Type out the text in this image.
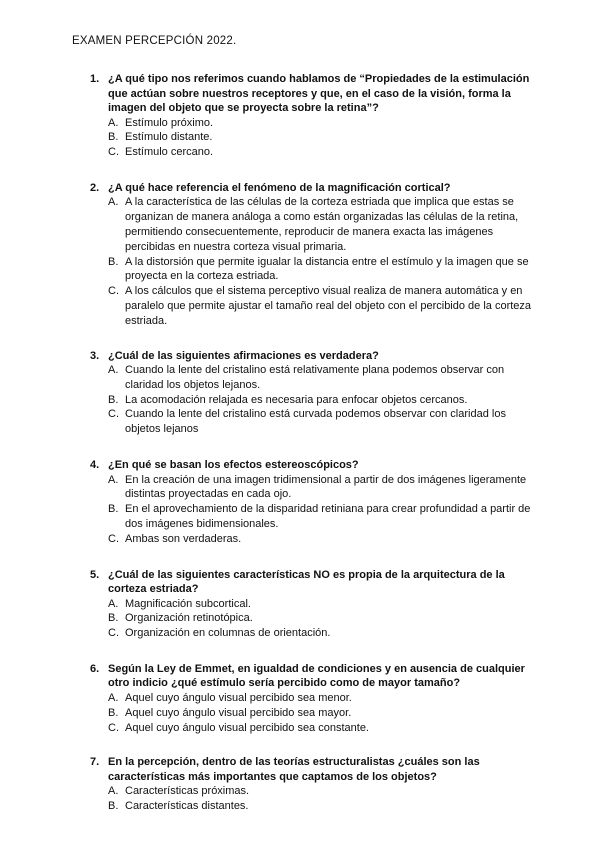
EXAMEN PERCEPCIÓN 2022.
1. ¿A qué tipo nos referimos cuando hablamos de “Propiedades de la estimulación que actúan sobre nuestros receptores y que, en el caso de la visión, forma la imagen del objeto que se proyecta sobre la retina”?
A. Estímulo próximo.
B. Estímulo distante.
C. Estímulo cercano.
2. ¿A qué hace referencia el fenómeno de la magnificación cortical?
A. A la característica de las células de la corteza estriada que implica que estas se organizan de manera análoga a como están organizadas las células de la retina, permitiendo consecuentemente, reproducir de manera exacta las imágenes percibidas en nuestra corteza visual primaria.
B. A la distorsión que permite igualar la distancia entre el estímulo y la imagen que se proyecta en la corteza estriada.
C. A los cálculos que el sistema perceptivo visual realiza de manera automática y en paralelo que permite ajustar el tamaño real del objeto con el percibido de la corteza estriada.
3. ¿Cuál de las siguientes afirmaciones es verdadera?
A. Cuando la lente del cristalino está relativamente plana podemos observar con claridad los objetos lejanos.
B. La acomodación relajada es necesaria para enfocar objetos cercanos.
C. Cuando la lente del cristalino está curvada podemos observar con claridad los objetos lejanos
4. ¿En qué se basan los efectos estereoscópicos?
A. En la creación de una imagen tridimensional a partir de dos imágenes ligeramente distintas proyectadas en cada ojo.
B. En el aprovechamiento de la disparidad retiniana para crear profundidad a partir de dos imágenes bidimensionales.
C. Ambas son verdaderas.
5. ¿Cuál de las siguientes características NO es propia de la arquitectura de la corteza estriada?
A. Magnificación subcortical.
B. Organización retinotópica.
C. Organización en columnas de orientación.
6. Según la Ley de Emmet, en igualdad de condiciones y en ausencia de cualquier otro indicio ¿qué estímulo sería percibido como de mayor tamaño?
A. Aquel cuyo ángulo visual percibido sea menor.
B. Aquel cuyo ángulo visual percibido sea mayor.
C. Aquel cuyo ángulo visual percibido sea constante.
7. En la percepción, dentro de las teorías estructuralistas ¿cuáles son las características más importantes que captamos de los objetos?
A. Características próximas.
B. Características distantes.
